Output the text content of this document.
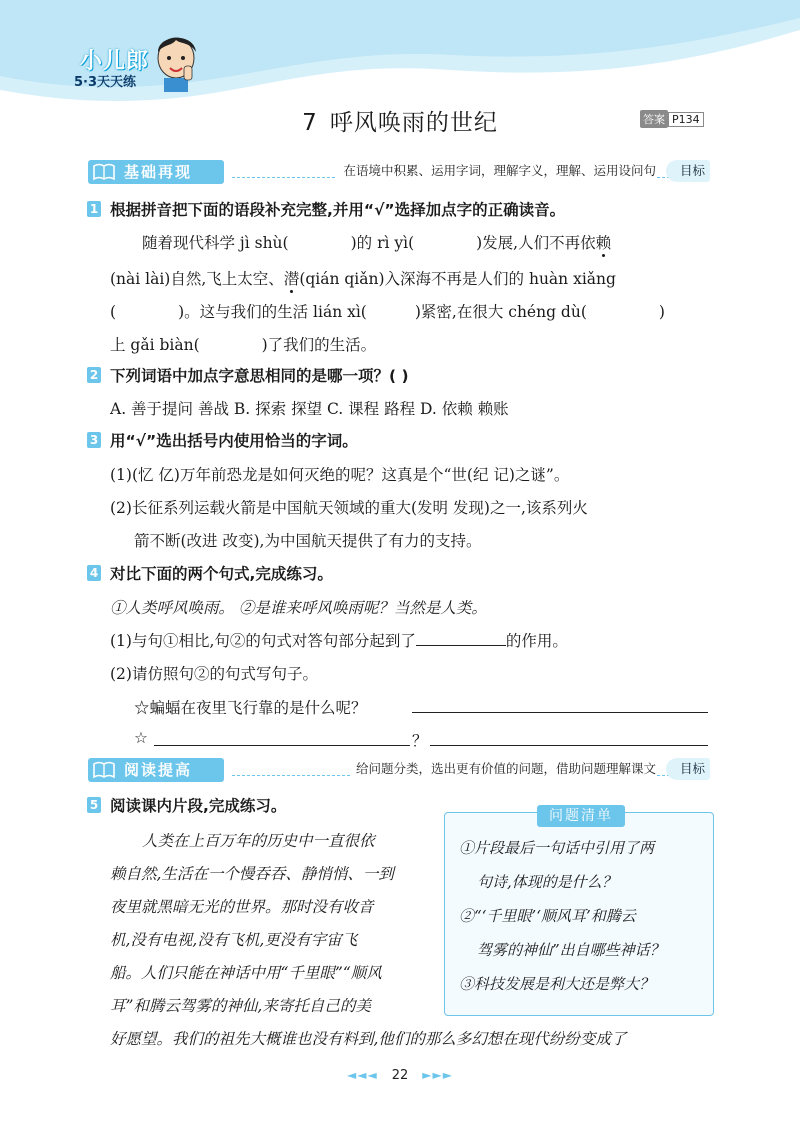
小儿郎
5·3天天练
7 呼风唤雨的世纪	答案 P134
基础再现	在语境中积累、运用字词，理解字义，理解、运用设问句	目标
1 根据拼音把下面的语段补充完整,并用“√”选择加点字的正确读音。
随着现代科学 jì shù(	)的 rì yì(	)发展,人们不再依赖
(nài lài)自然,飞上太空、潜(qián qiǎn)入深海不再是人们的 huàn xiǎng
(	)。这与我们的生活 lián xì(	)紧密,在很大 chéng dù(	)
上 gǎi biàn(	)了我们的生活。
2 下列词语中加点字意思相同的是哪一项？( )
A. 善于提问 善战 B. 探索 探望 C. 课程 路程 D. 依赖 赖账
3 用“√”选出括号内使用恰当的字词。
(1)(忆 亿)万年前恐龙是如何灭绝的呢？这真是个“世(纪 记)之谜”。
(2)长征系列运载火箭是中国航天领域的重大(发明 发现)之一,该系列火
箭不断(改进 改变),为中国航天提供了有力的支持。
4 对比下面的两个句式,完成练习。
①人类呼风唤雨。 ②是谁来呼风唤雨呢？当然是人类。
(1)与句①相比,句②的句式对答句部分起到了	的作用。
(2)请仿照句②的句式写句子。
☆蝙蝠在夜里飞行靠的是什么呢？
☆	？
阅读提高	给问题分类，选出更有价值的问题，借助问题理解课文	目标
5 阅读课内片段,完成练习。
人类在上百万年的历史中一直很依
赖自然,生活在一个慢吞吞、静悄悄、一到
夜里就黑暗无光的世界。那时没有收音
机,没有电视,没有飞机,更没有宇宙飞
船。人们只能在神话中用“千里眼”“顺风
耳”和腾云驾雾的神仙,来寄托自己的美
好愿望。我们的祖先大概谁也没有料到,他们的那么多幻想在现代纷纷变成了
问题清单
①片段最后一句话中引用了两
句诗,体现的是什么？
②“‘千里眼’‘顺风耳’和腾云
驾雾的神仙”出自哪些神话？
③科技发展是利大还是弊大？
◄◄◄ 22 ►►►
